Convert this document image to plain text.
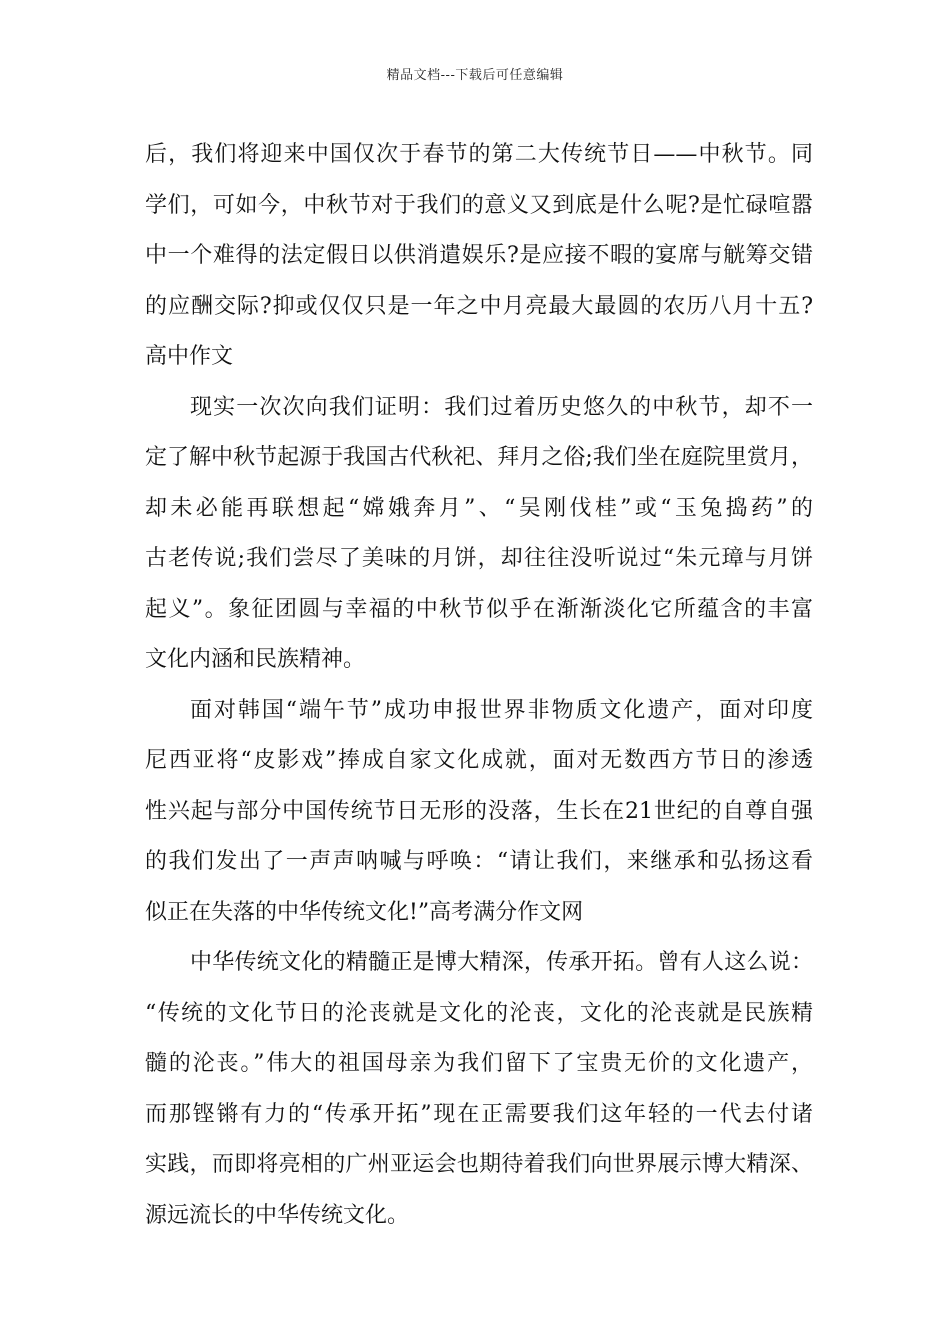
精品文档---下载后可任意编辑
后，我们将迎来中国仅次于春节的第二大传统节日——中秋节。同
学们，可如今，中秋节对于我们的意义又到底是什么呢?是忙碌喧嚣
中一个难得的法定假日以供消遣娱乐?是应接不暇的宴席与觥筹交错
的应酬交际?抑或仅仅只是一年之中月亮最大最圆的农历八月十五?
高中作文
现实一次次向我们证明：我们过着历史悠久的中秋节，却不一
定了解中秋节起源于我国古代秋祀、拜月之俗;我们坐在庭院里赏月，
却未必能再联想起“嫦娥奔月”、“吴刚伐桂”或“玉兔捣药”的
古老传说;我们尝尽了美味的月饼，却往往没听说过“朱元璋与月饼
起义”。象征团圆与幸福的中秋节似乎在渐渐淡化它所蕴含的丰富
文化内涵和民族精神。
面对韩国“端午节”成功申报世界非物质文化遗产，面对印度
尼西亚将“皮影戏”捧成自家文化成就，面对无数西方节日的渗透
性兴起与部分中国传统节日无形的没落，生长在21世纪的自尊自强
的我们发出了一声声呐喊与呼唤：“请让我们，来继承和弘扬这看
似正在失落的中华传统文化!”高考满分作文网
中华传统文化的精髓正是博大精深，传承开拓。曾有人这么说：
“传统的文化节日的沦丧就是文化的沦丧，文化的沦丧就是民族精
髓的沦丧。”伟大的祖国母亲为我们留下了宝贵无价的文化遗产，
而那铿锵有力的“传承开拓”现在正需要我们这年轻的一代去付诸
实践，而即将亮相的广州亚运会也期待着我们向世界展示博大精深、
源远流长的中华传统文化。
